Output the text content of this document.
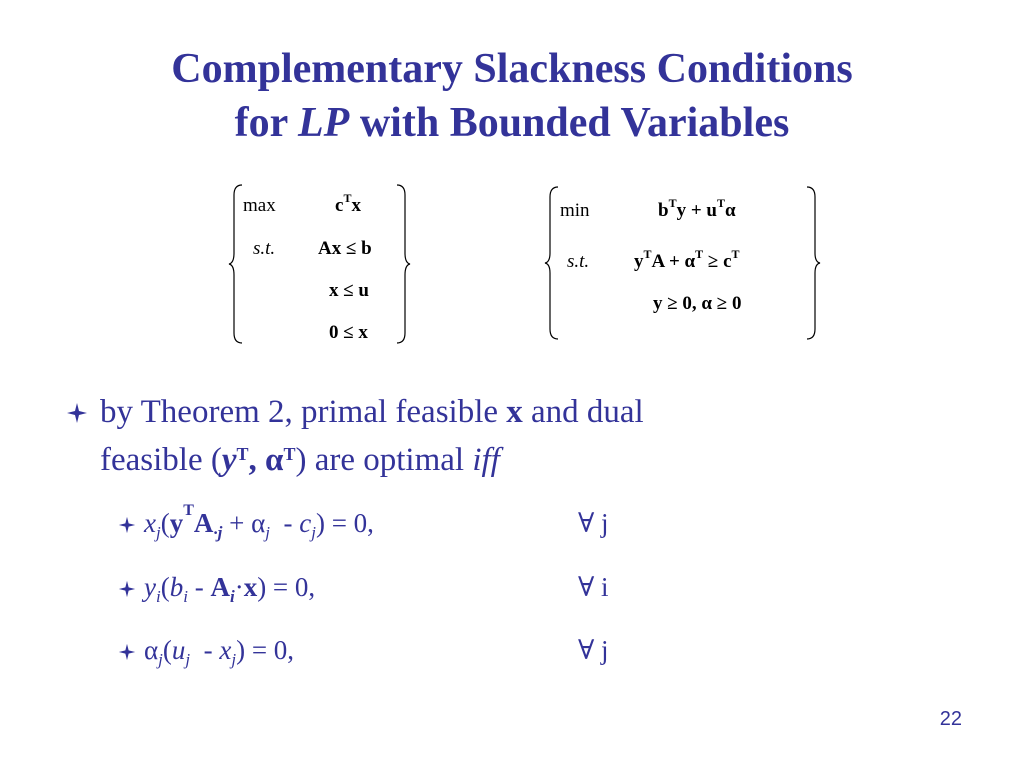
Complementary Slackness Conditions
for LP with Bounded Variables
max	$c^Tx$
s.t. Ax ≤ b
x ≤ u
0 ≤ x
min	$b^Ty + u^T\alpha$
s.t. $y^TA + \alpha^T \ge c^T$
y ≥ 0, α ≥ 0
by Theorem 2, primal feasible x and dual
feasible ($y^T$, $\alpha^T$) are optimal iff
$x_j(y^TA_{\cdot j} + \alpha_j - c_j) = 0$,	∀ j
$y_i(b_i - A_i\cdot x) = 0$,	∀ i
$\alpha_j(u_j - x_j) = 0$,	∀ j
22
